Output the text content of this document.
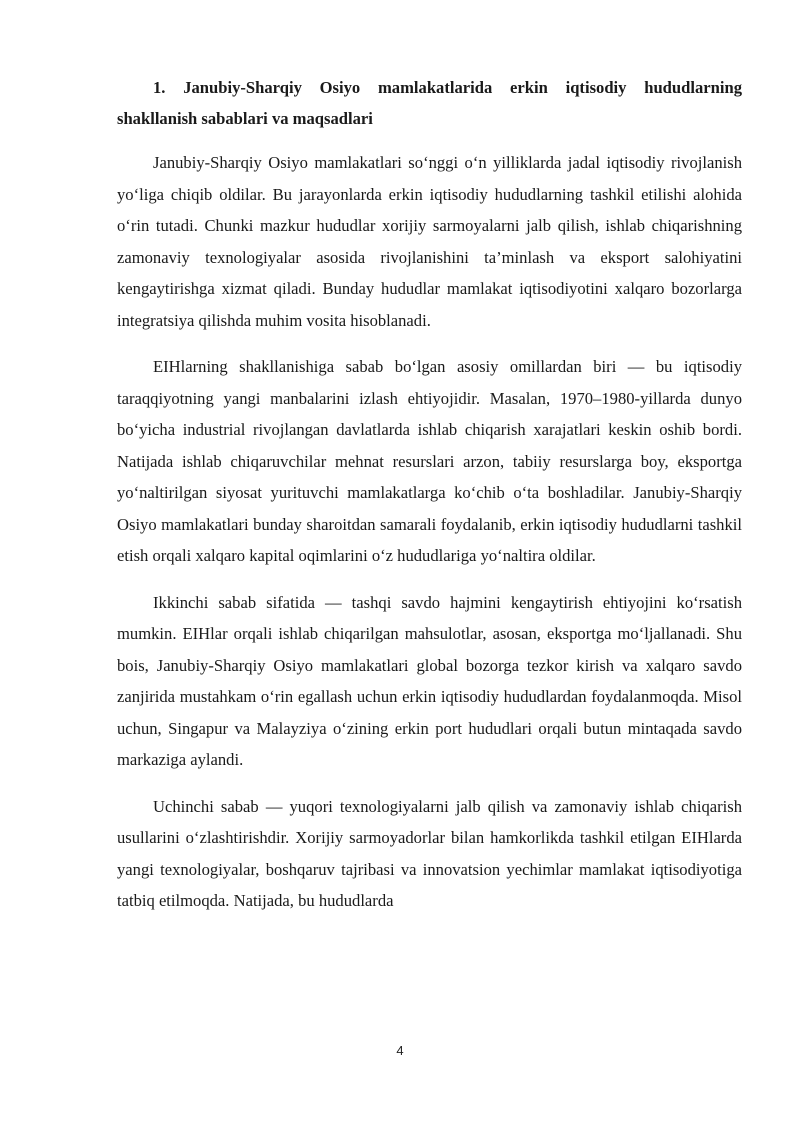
1. Janubiy-Sharqiy Osiyo mamlakatlarida erkin iqtisodiy hududlarning shakllanish sabablari va maqsadlari

Janubiy-Sharqiy Osiyo mamlakatlari so‘nggi o‘n yilliklarda jadal iqtisodiy rivojlanish yo‘liga chiqib oldilar. Bu jarayonlarda erkin iqtisodiy hududlarning tashkil etilishi alohida o‘rin tutadi. Chunki mazkur hududlar xorijiy sarmoyalarni jalb qilish, ishlab chiqarishning zamonaviy texnologiyalar asosida rivojlanishini ta’minlash va eksport salohiyatini kengaytirishga xizmat qiladi. Bunday hududlar mamlakat iqtisodiyotini xalqaro bozorlarga integratsiya qilishda muhim vosita hisoblanadi.

EIHlarning shakllanishiga sabab bo‘lgan asosiy omillardan biri — bu iqtisodiy taraqqiyotning yangi manbalarini izlash ehtiyojidir. Masalan, 1970–1980-yillarda dunyo bo‘yicha industrial rivojlangan davlatlarda ishlab chiqarish xarajatlari keskin oshib bordi. Natijada ishlab chiqaruvchilar mehnat resurslari arzon, tabiiy resurslarga boy, eksportga yo‘naltirilgan siyosat yurituvchi mamlakatlarga ko‘chib o‘ta boshladilar. Janubiy-Sharqiy Osiyo mamlakatlari bunday sharoitdan samarali foydalanib, erkin iqtisodiy hududlarni tashkil etish orqali xalqaro kapital oqimlarini o‘z hududlariga yo‘naltira oldilar.

Ikkinchi sabab sifatida — tashqi savdo hajmini kengaytirish ehtiyojini ko‘rsatish mumkin. EIHlar orqali ishlab chiqarilgan mahsulotlar, asosan, eksportga mo‘ljallanadi. Shu bois, Janubiy-Sharqiy Osiyo mamlakatlari global bozorga tezkor kirish va xalqaro savdo zanjirida mustahkam o‘rin egallash uchun erkin iqtisodiy hududlardan foydalanmoqda. Misol uchun, Singapur va Malayziya o‘zining erkin port hududlari orqali butun mintaqada savdo markaziga aylandi.

Uchinchi sabab — yuqori texnologiyalarni jalb qilish va zamonaviy ishlab chiqarish usullarini o‘zlashtirishdir. Xorijiy sarmoyadorlar bilan hamkorlikda tashkil etilgan EIHlarda yangi texnologiyalar, boshqaruv tajribasi va innovatsion yechimlar mamlakat iqtisodiyotiga tatbiq etilmoqda. Natijada, bu hududlarda

4
